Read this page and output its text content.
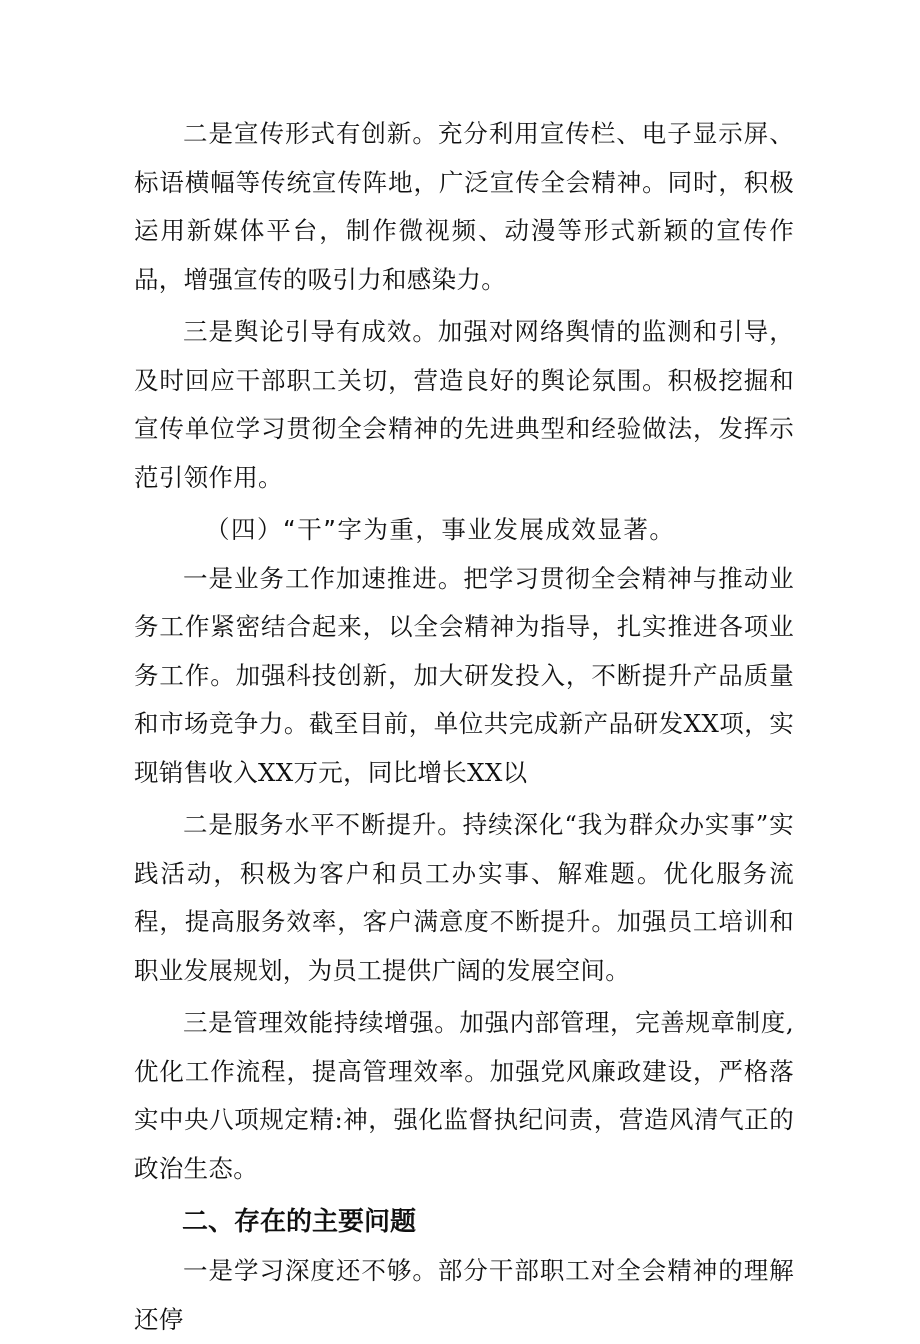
二是宣传形式有创新。充分利用宣传栏、电子显示屏、标语横幅等传统宣传阵地，广泛宣传全会精神。同时，积极运用新媒体平台，制作微视频、动漫等形式新颖的宣传作品，增强宣传的吸引力和感染力。

三是舆论引导有成效。加强对网络舆情的监测和引导，及时回应干部职工关切，营造良好的舆论氛围。积极挖掘和宣传单位学习贯彻全会精神的先进典型和经验做法，发挥示范引领作用。

（四）“干”字为重，事业发展成效显著。

一是业务工作加速推进。把学习贯彻全会精神与推动业务工作紧密结合起来，以全会精神为指导，扎实推进各项业务工作。加强科技创新，加大研发投入，不断提升产品质量和市场竞争力。截至目前，单位共完成新产品研发XX项，实现销售收入XX万元，同比增长XX以

二是服务水平不断提升。持续深化“我为群众办实事”实践活动，积极为客户和员工办实事、解难题。优化服务流程，提高服务效率，客户满意度不断提升。加强员工培训和职业发展规划，为员工提供广阔的发展空间。

三是管理效能持续增强。加强内部管理，完善规章制度,优化工作流程，提高管理效率。加强党风廉政建设，严格落实中央八项规定精:神，强化监督执纪问责，营造风清气正的政治生态。

二、存在的主要问题

一是学习深度还不够。部分干部职工对全会精神的理解还停
